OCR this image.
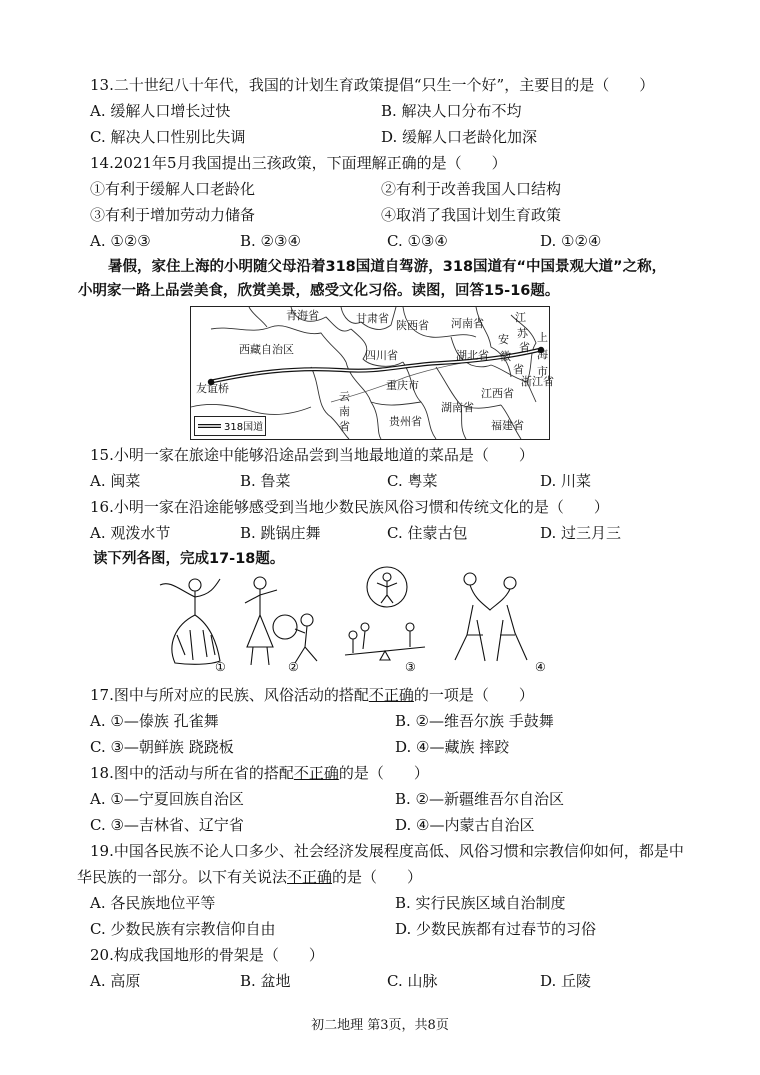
13.二十世纪八十年代，我国的计划生育政策提倡“只生一个好”，主要目的是（　　）
A. 缓解人口增长过快	B. 解决人口分布不均
C. 解决人口性别比失调	D. 缓解人口老龄化加深
14.2021年5月我国提出三孩政策，下面理解正确的是（　　）
①有利于缓解人口老龄化	②有利于改善我国人口结构
③有利于增加劳动力储备	④取消了我国计划生育政策
A. ①②③	B. ②③④	C. ①③④	D. ①②④
暑假，家住上海的小明随父母沿着318国道自驾游，318国道有“中国景观大道”之称，
小明家一路上品尝美食，欣赏美景，感受文化习俗。读图，回答15-16题。
青海省	甘肃省
陕西省 河南省	江
苏
安
徽
上
海
市
西藏自治区	四川省	湖北省
省
省
浙江省
友谊桥	重庆市
江西省
湖南省
云
南
省	贵州省	福建省
318国道
15.小明一家在旅途中能够沿途品尝到当地最地道的菜品是（　　）
A. 闽菜	B. 鲁菜	C. 粤菜	D. 川菜
16.小明一家在沿途能够感受到当地少数民族风俗习惯和传统文化的是（　　）
A. 观泼水节	B. 跳锅庄舞	C. 住蒙古包	D. 过三月三
读下列各图，完成17-18题。
①	②	③	④
17.图中与所对应的民族、风俗活动的搭配不正确的一项是（　　）
A. ①—傣族 孔雀舞	B. ②—维吾尔族 手鼓舞
C. ③—朝鲜族 跷跷板	D. ④—藏族 摔跤
18.图中的活动与所在省的搭配不正确的是（　　）
A. ①—宁夏回族自治区	B. ②—新疆维吾尔自治区
C. ③—吉林省、辽宁省	D. ④—内蒙古自治区
19.中国各民族不论人口多少、社会经济发展程度高低、风俗习惯和宗教信仰如何，都是中
华民族的一部分。以下有关说法不正确的是（　　）
A. 各民族地位平等	B. 实行民族区域自治制度
C. 少数民族有宗教信仰自由	D. 少数民族都有过春节的习俗
20.构成我国地形的骨架是（　　）
A. 高原	B. 盆地	C. 山脉	D. 丘陵
初二地理 第3页，共8页
